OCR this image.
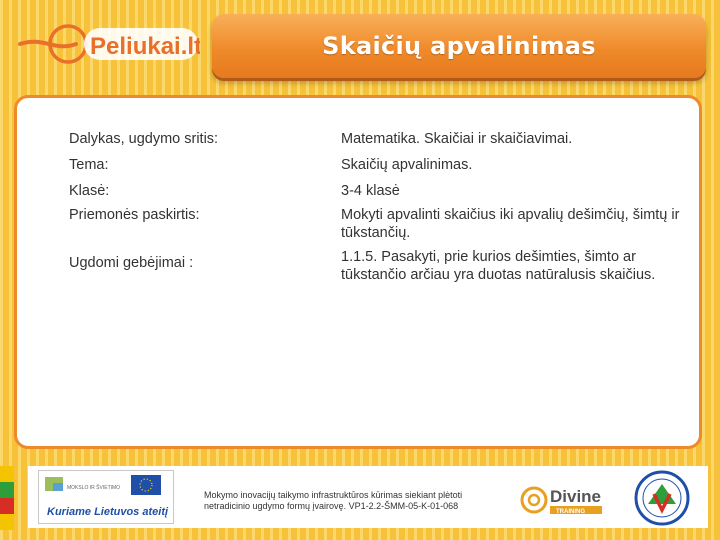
Peliukai.lt	Skaičių apvalinimas
Dalykas, ugdymo sritis:
Tema:
Klasė:
Priemonės paskirtis:
Ugdomi gebėjimai :
Matematika. Skaičiai ir skaičiavimai.
Skaičių apvalinimas.
3-4 klasė
Mokyti apvalinti skaičius iki apvalių dešimčių, šimtų ir tūkstančių.
1.1.5. Pasakyti, prie kurios dešimties, šimto ar tūkstančio arčiau yra duotas natūralusis skaičius.
MOKSLO IR ŠVIETIMO
Kuriame Lietuvos ateitį
Mokymo inovacijų taikymo infrastruktūros kūrimas siekiant plėtoti netradicinio ugdymo formų įvairovę. VP1-2.2-ŠMM-05-K-01-068	Divine
TRAINING
